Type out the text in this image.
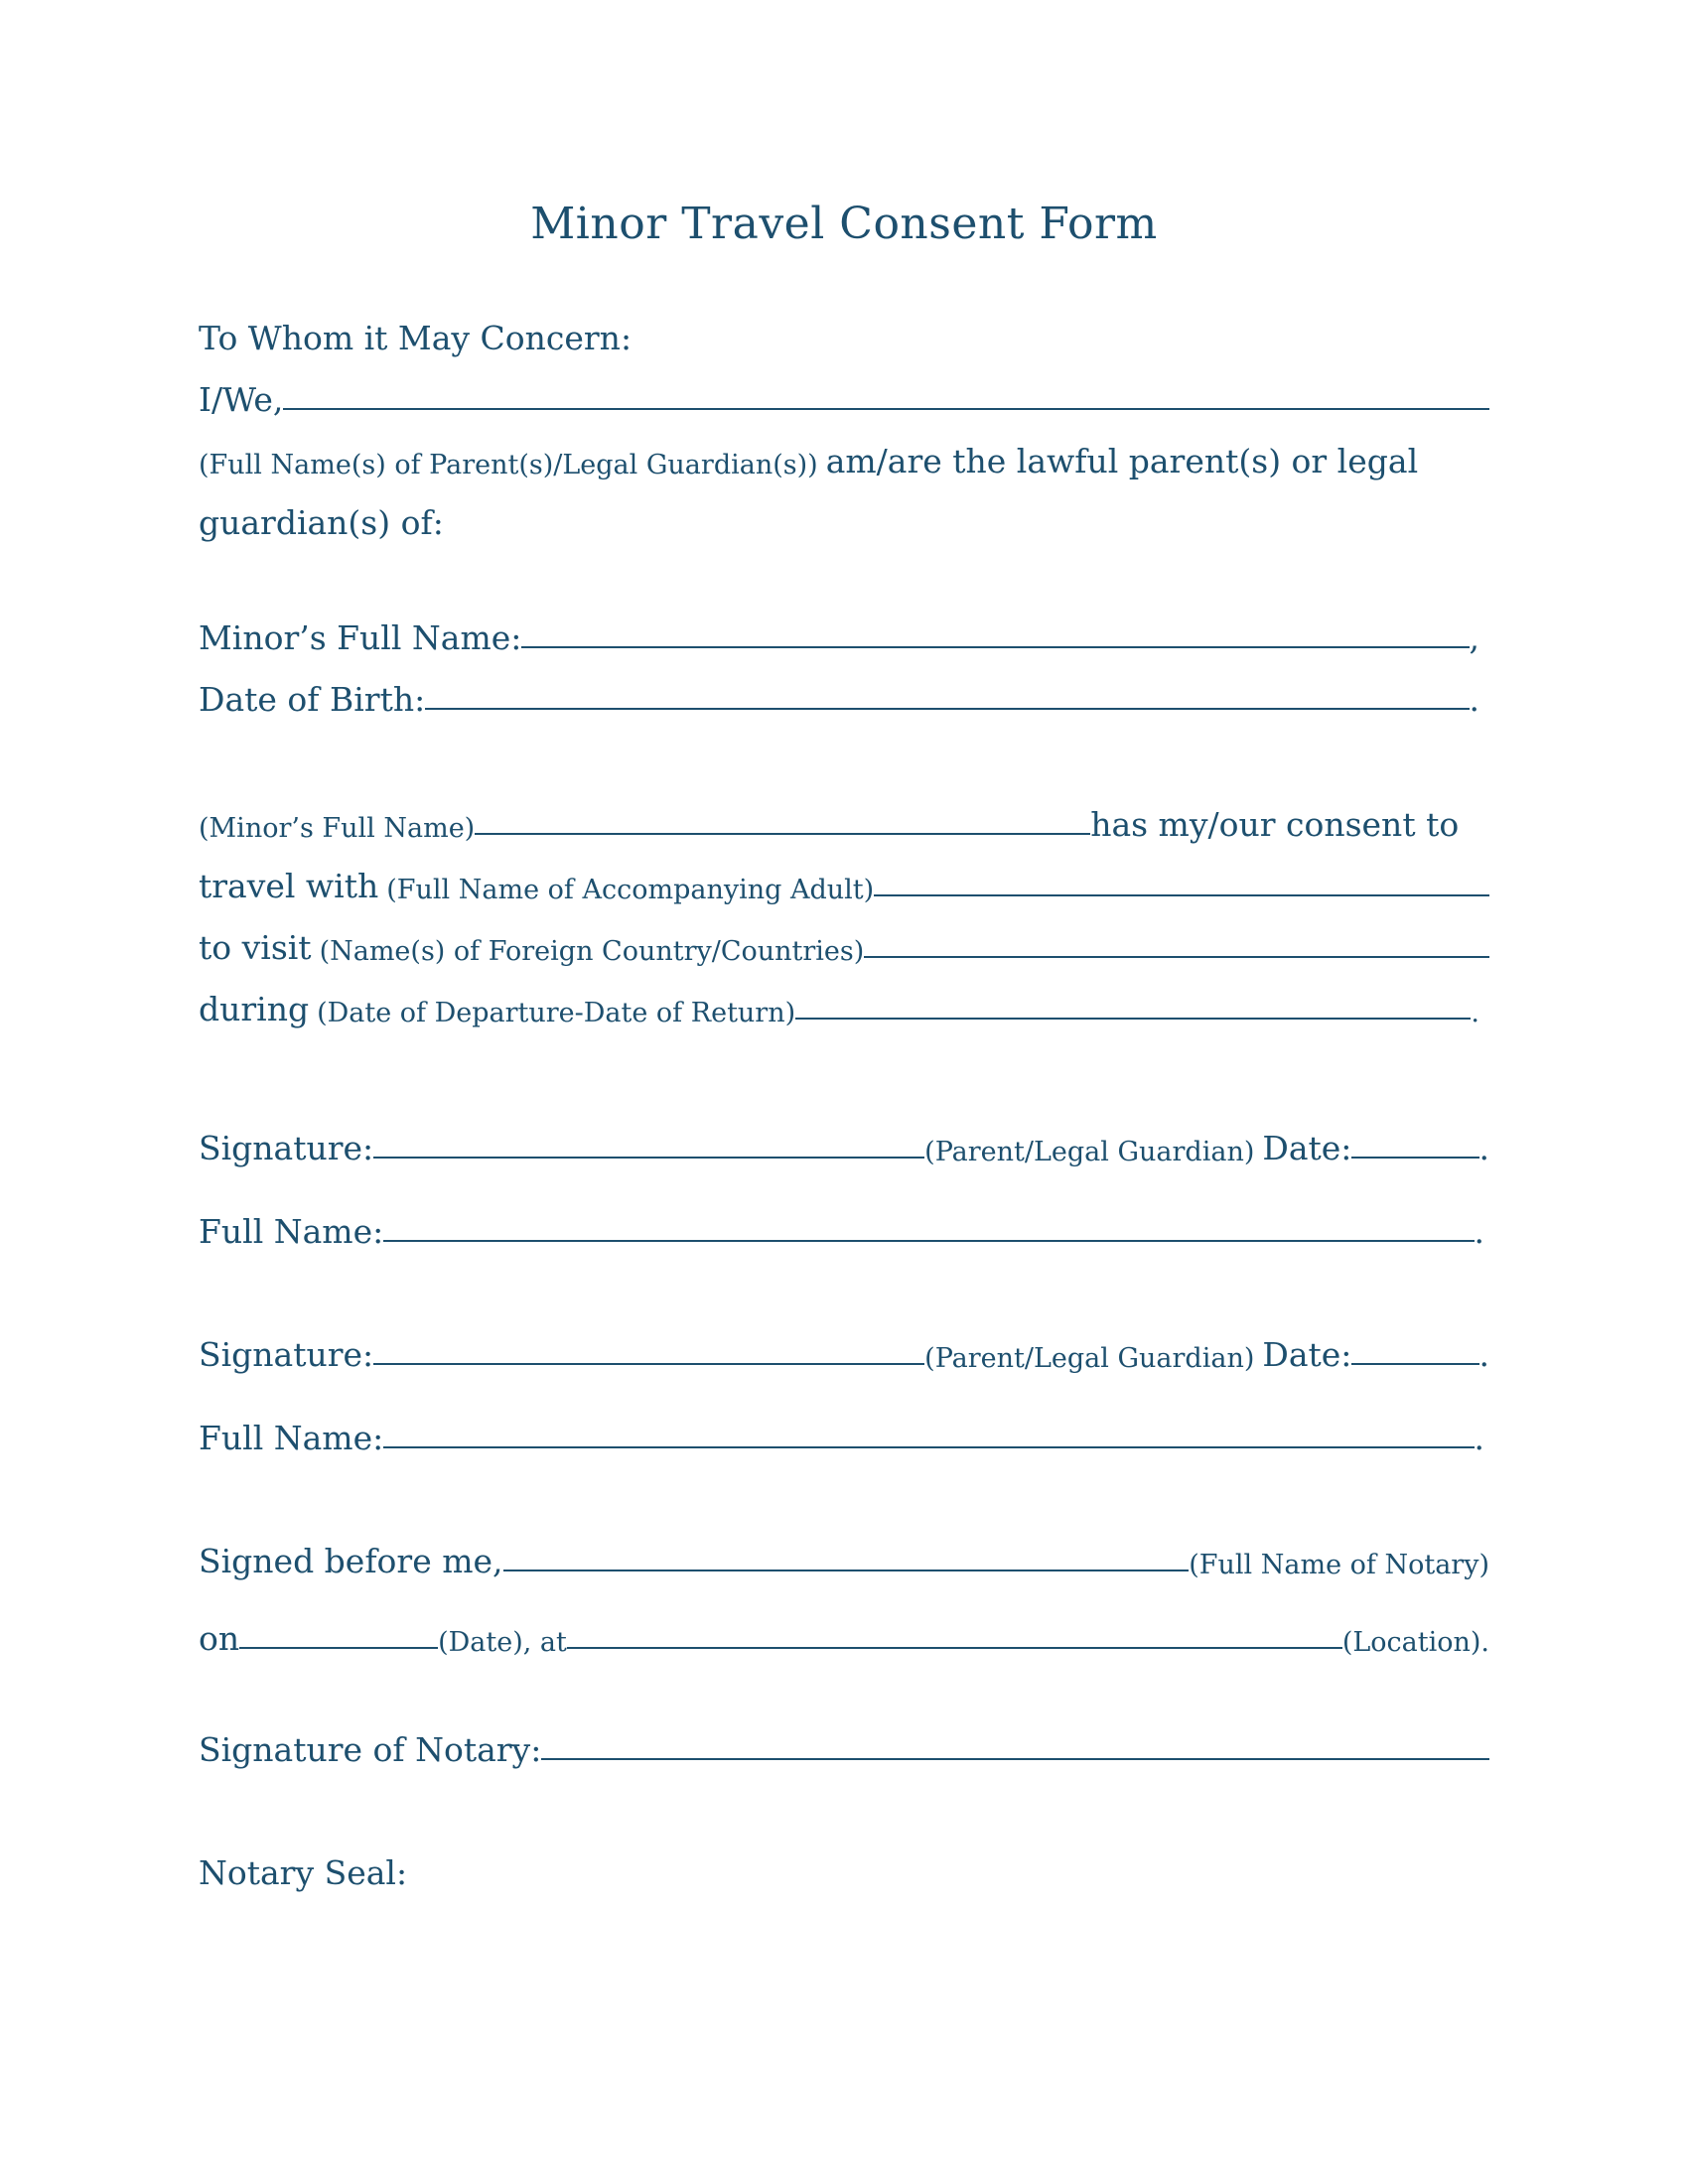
Minor Travel Consent Form
To Whom it May Concern:
I/We,
(Full Name(s) of Parent(s)/Legal Guardian(s)) am/are the lawful parent(s) or legal
guardian(s) of:
Minor’s Full Name:	,
Date of Birth:	.
(Minor’s Full Name)	has my/our consent to
travel with (Full Name of Accompanying Adult)
to visit (Name(s) of Foreign Country/Countries)
during (Date of Departure-Date of Return)	.
Signature:	(Parent/Legal Guardian) Date:	.
Full Name:	.
Signature:	(Parent/Legal Guardian) Date:	.
Full Name:	.
Signed before me,	(Full Name of Notary)
on	(Date), at	(Location).
Signature of Notary:
Notary Seal:
